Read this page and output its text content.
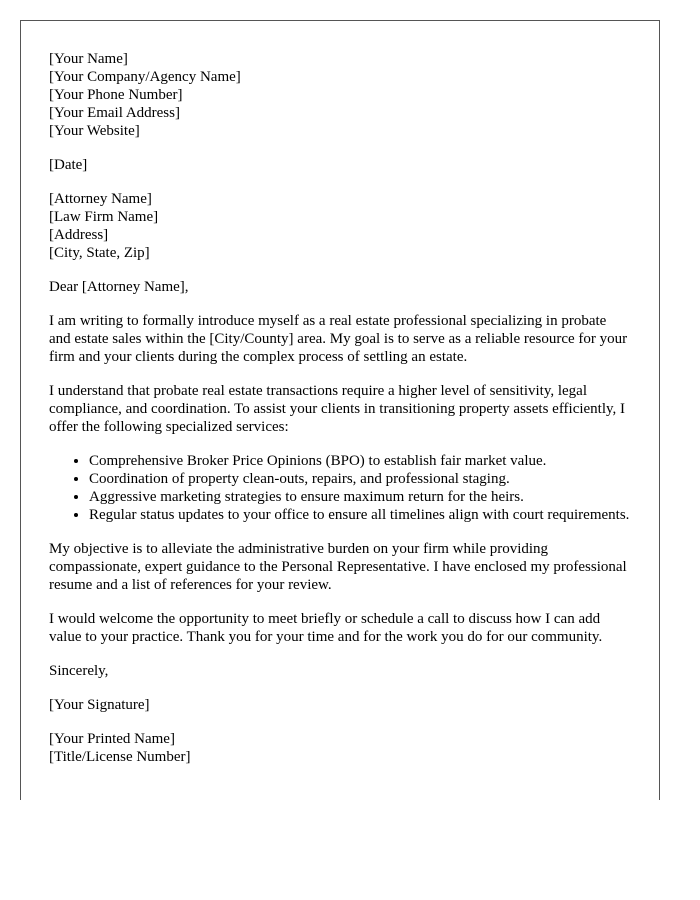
[Your Name]
[Your Company/Agency Name]
[Your Phone Number]
[Your Email Address]
[Your Website]
[Date]
[Attorney Name]
[Law Firm Name]
[Address]
[City, State, Zip]

Dear [Attorney Name],

I am writing to formally introduce myself as a real estate professional specializing in probate and estate sales within the [City/County] area. My goal is to serve as a reliable resource for your firm and your clients during the complex process of settling an estate.

I understand that probate real estate transactions require a higher level of sensitivity, legal compliance, and coordination. To assist your clients in transitioning property assets efficiently, I offer the following specialized services:

• Comprehensive Broker Price Opinions (BPO) to establish fair market value.
• Coordination of property clean-outs, repairs, and professional staging.
• Aggressive marketing strategies to ensure maximum return for the heirs.
• Regular status updates to your office to ensure all timelines align with court requirements.

My objective is to alleviate the administrative burden on your firm while providing compassionate, expert guidance to the Personal Representative. I have enclosed my professional resume and a list of references for your review.

I would welcome the opportunity to meet briefly or schedule a call to discuss how I can add value to your practice. Thank you for your time and for the work you do for our community.

Sincerely,

[Your Signature]

[Your Printed Name]
[Title/License Number]
